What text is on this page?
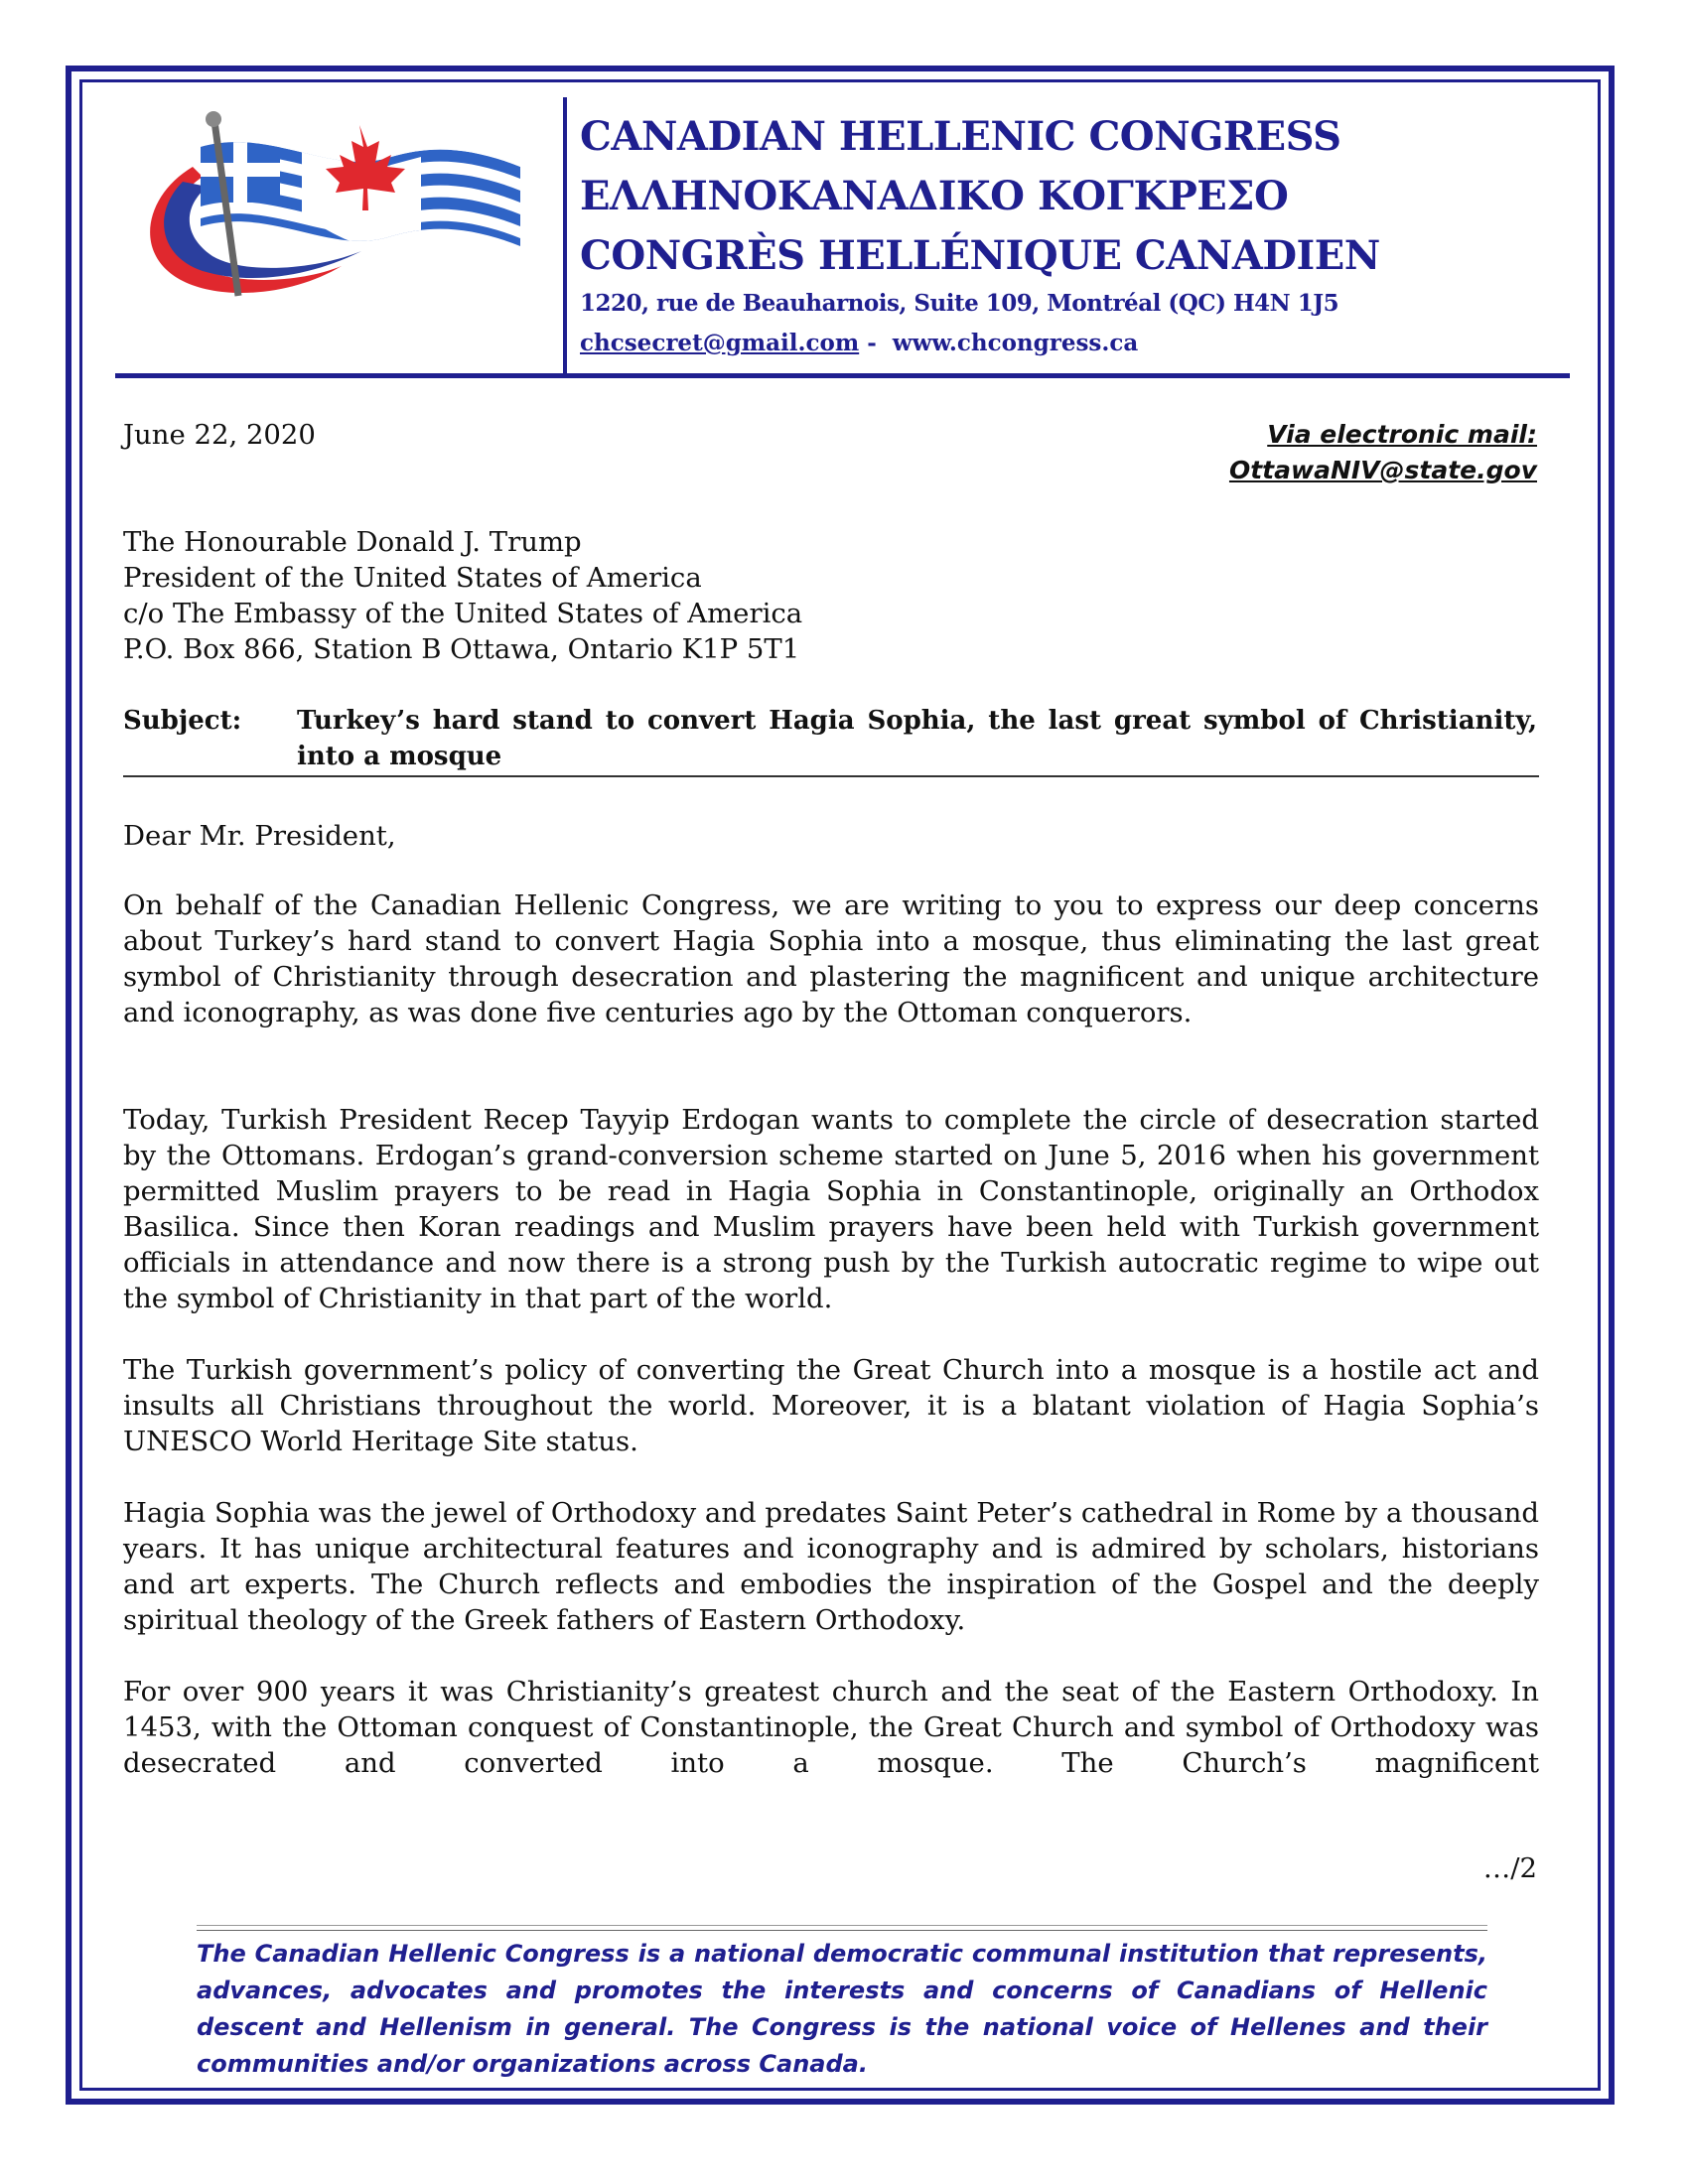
CANADIAN HELLENIC CONGRESS
ΕΛΛΗΝΟΚΑΝΑΔΙΚΟ ΚΟΓΚΡΕΣΟ
CONGRÈS HELLÉNIQUE CANADIEN
1220, rue de Beauharnois, Suite 109, Montréal (QC) H4N 1J5
chcsecret@gmail.com -  www.chcongress.ca
June 22, 2020	Via electronic mail:
OttawaNIV@state.gov
The Honourable Donald J. Trump
President of the United States of America
c/o The Embassy of the United States of America
P.O. Box 866, Station B Ottawa, Ontario K1P 5T1
Subject: Turkey’s hard stand to convert Hagia Sophia, the last great symbol of Christianity, into a mosque
Dear Mr. President,
On behalf of the Canadian Hellenic Congress, we are writing to you to express our deep concerns about Turkey’s hard stand to convert Hagia Sophia into a mosque, thus eliminating the last great symbol of Christianity through desecration and plastering the magnificent and unique architecture and iconography, as was done five centuries ago by the Ottoman conquerors.
Today, Turkish President Recep Tayyip Erdogan wants to complete the circle of desecration started by the Ottomans. Erdogan’s grand-conversion scheme started on June 5, 2016 when his government permitted Muslim prayers to be read in Hagia Sophia in Constantinople, originally an Orthodox Basilica. Since then Koran readings and Muslim prayers have been held with Turkish government officials in attendance and now there is a strong push by the Turkish autocratic regime to wipe out the symbol of Christianity in that part of the world.
The Turkish government’s policy of converting the Great Church into a mosque is a hostile act and insults all Christians throughout the world. Moreover, it is a blatant violation of Hagia Sophia’s UNESCO World Heritage Site status.
Hagia Sophia was the jewel of Orthodoxy and predates Saint Peter’s cathedral in Rome by a thousand years. It has unique architectural features and iconography and is admired by scholars, historians and art experts. The Church reflects and embodies the inspiration of the Gospel and the deeply spiritual theology of the Greek fathers of Eastern Orthodoxy.
For over 900 years it was Christianity’s greatest church and the seat of the Eastern Orthodoxy. In 1453, with the Ottoman conquest of Constantinople, the Great Church and symbol of Orthodoxy was desecrated and converted into a mosque. The Church’s magnificent
…/2
The Canadian Hellenic Congress is a national democratic communal institution that represents, advances, advocates and promotes the interests and concerns of Canadians of Hellenic descent and Hellenism in general. The Congress is the national voice of Hellenes and their communities and/or organizations across Canada.
